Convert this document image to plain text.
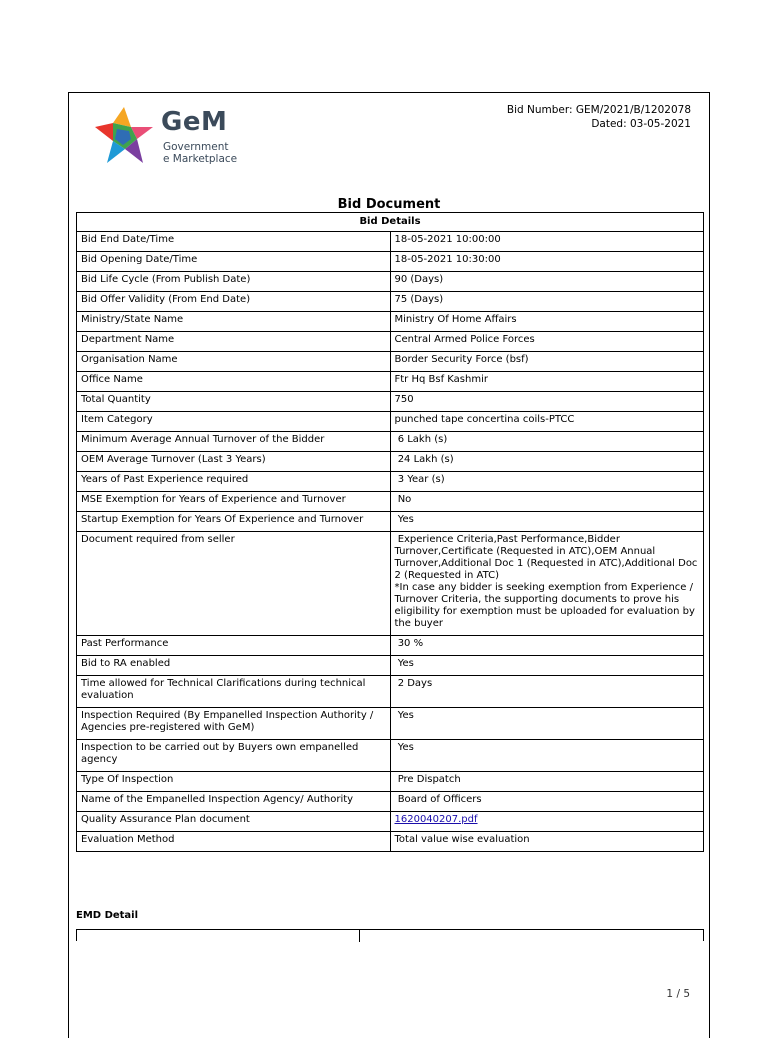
GeM
Government
e Marketplace
Bid Number: GEM/2021/B/1202078
Dated: 03-05-2021
Bid Document
Bid Details	
Bid End Date/Time	18-05-2021 10:00:00
Bid Opening Date/Time	18-05-2021 10:30:00
Bid Life Cycle (From Publish Date)	90 (Days)
Bid Offer Validity (From End Date)	75 (Days)
Ministry/State Name	Ministry Of Home Affairs
Department Name	Central Armed Police Forces
Organisation Name	Border Security Force (bsf)
Office Name	Ftr Hq Bsf Kashmir
Total Quantity	750
Item Category	punched tape concertina coils-PTCC
Minimum Average Annual Turnover of the Bidder	6 Lakh (s)
OEM Average Turnover (Last 3 Years)	24 Lakh (s)
Years of Past Experience required	3 Year (s)
MSE Exemption for Years of Experience and Turnover	No
Startup Exemption for Years Of Experience and Turnover	Yes
Document required from seller	Experience Criteria,Past Performance,Bidder Turnover,Certificate (Requested in ATC),OEM Annual Turnover,Additional Doc 1 (Requested in ATC),Additional Doc 2 (Requested in ATC)
*In case any bidder is seeking exemption from Experience / Turnover Criteria, the supporting documents to prove his eligibility for exemption must be uploaded for evaluation by the buyer
Past Performance	30 %
Bid to RA enabled	Yes
Time allowed for Technical Clarifications during technical evaluation	2 Days
Inspection Required (By Empanelled Inspection Authority / Agencies pre-registered with GeM)	Yes
Inspection to be carried out by Buyers own empanelled agency	Yes
Type Of Inspection	Pre Dispatch
Name of the Empanelled Inspection Agency/ Authority	Board of Officers
Quality Assurance Plan document	1620040207.pdf
Evaluation Method	Total value wise evaluation
EMD Detail
1 / 5
